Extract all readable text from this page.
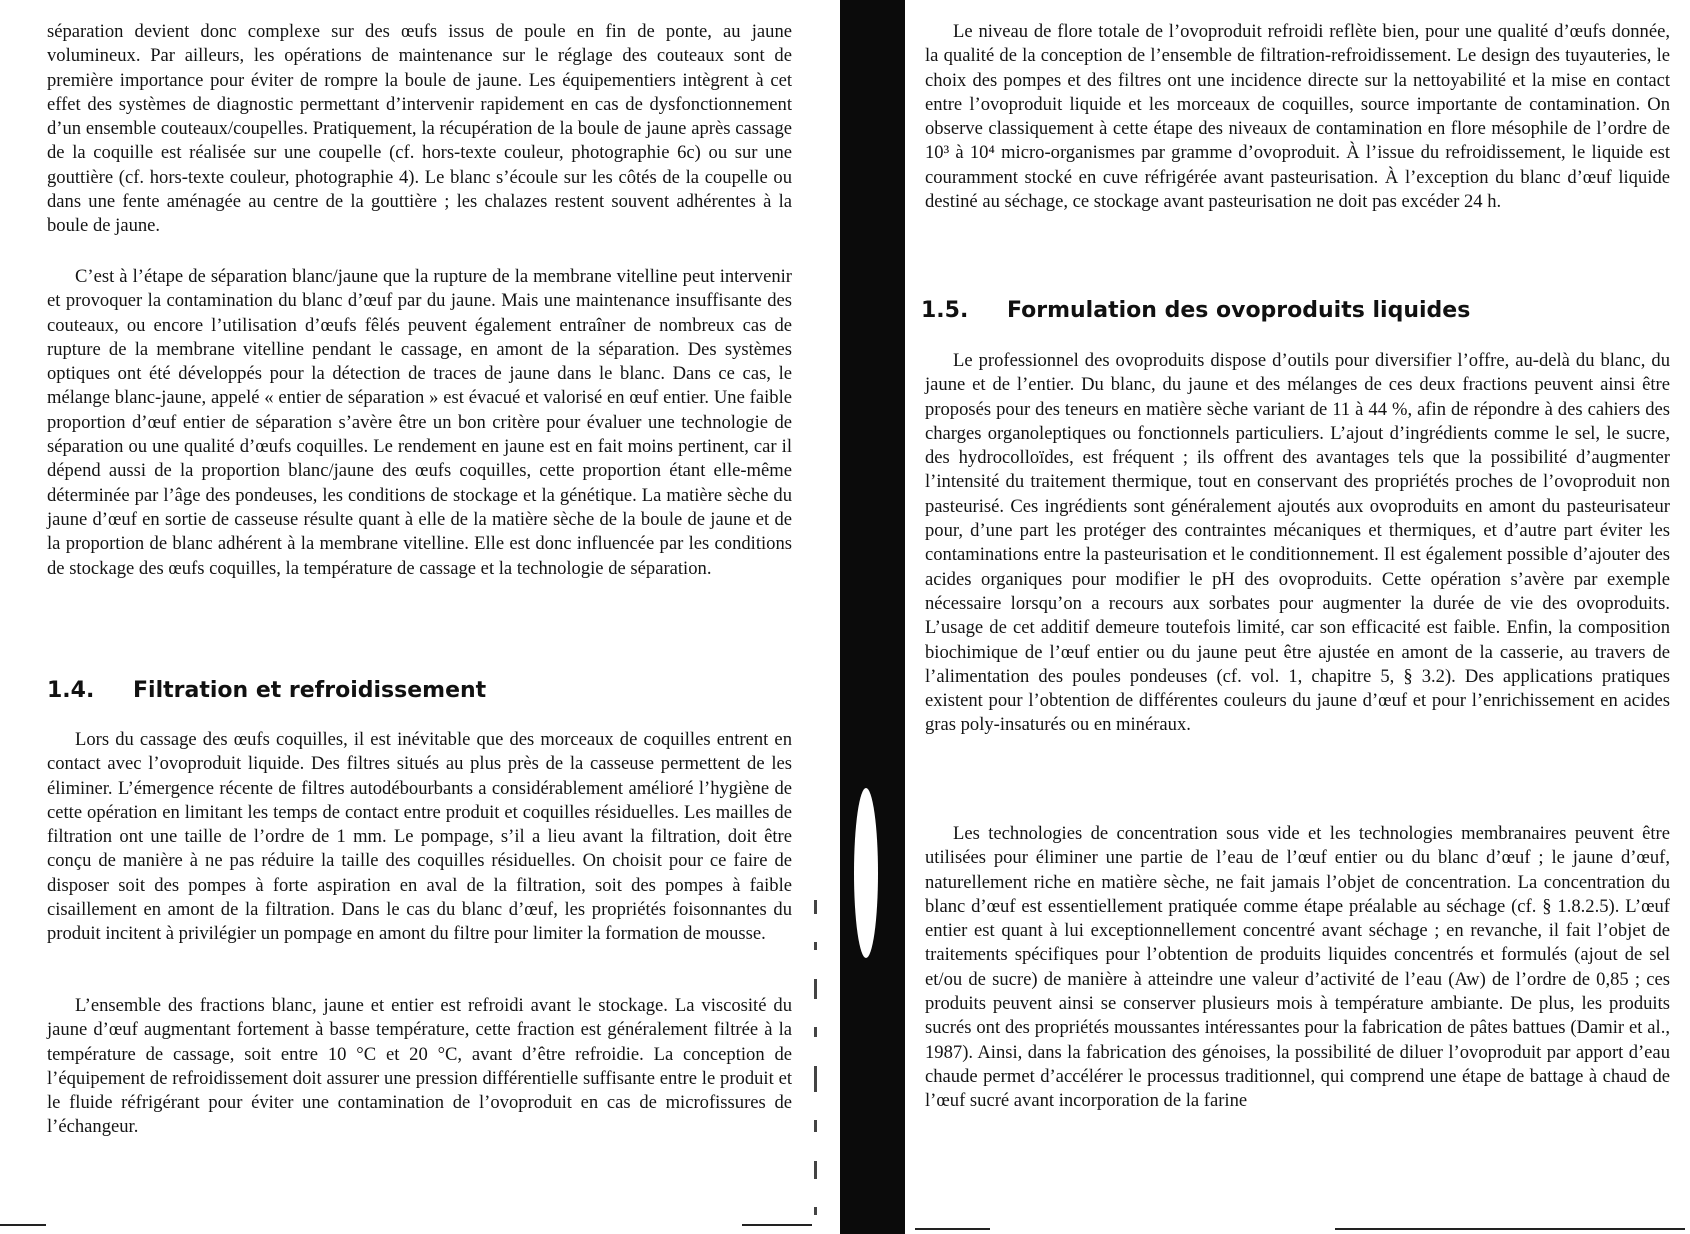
séparation devient donc complexe sur des œufs issus de poule en fin de ponte, au jaune volumineux. Par ailleurs, les opérations de maintenance sur le réglage des couteaux sont de première importance pour éviter de rompre la boule de jaune. Les équipementiers intègrent à cet effet des systèmes de diagnostic permettant d’intervenir rapidement en cas de dysfonctionnement d’un ensemble couteaux/coupelles. Pratiquement, la récupération de la boule de jaune après cassage de la coquille est réalisée sur une coupelle (cf. hors-texte couleur, photographie 6c) ou sur une gouttière (cf. hors-texte couleur, photographie 4). Le blanc s’écoule sur les côtés de la coupelle ou dans une fente aménagée au centre de la gouttière ; les chalazes restent souvent adhérentes à la boule de jaune.

C’est à l’étape de séparation blanc/jaune que la rupture de la membrane vitelline peut intervenir et provoquer la contamination du blanc d’œuf par du jaune. Mais une maintenance insuffisante des couteaux, ou encore l’utilisation d’œufs fêlés peuvent également entraîner de nombreux cas de rupture de la membrane vitelline pendant le cassage, en amont de la séparation. Des systèmes optiques ont été développés pour la détection de traces de jaune dans le blanc. Dans ce cas, le mélange blanc-jaune, appelé « entier de séparation » est évacué et valorisé en œuf entier. Une faible proportion d’œuf entier de séparation s’avère être un bon critère pour évaluer une technologie de séparation ou une qualité d’œufs coquilles. Le rendement en jaune est en fait moins pertinent, car il dépend aussi de la proportion blanc/jaune des œufs coquilles, cette proportion étant elle-même déterminée par l’âge des pondeuses, les conditions de stockage et la génétique. La matière sèche du jaune d’œuf en sortie de casseuse résulte quant à elle de la matière sèche de la boule de jaune et de la proportion de blanc adhérent à la membrane vitelline. Elle est donc influencée par les conditions de stockage des œufs coquilles, la température de cassage et la technologie de séparation.

1.4. Filtration et refroidissement

Lors du cassage des œufs coquilles, il est inévitable que des morceaux de coquilles entrent en contact avec l’ovoproduit liquide. Des filtres situés au plus près de la casseuse permettent de les éliminer. L’émergence récente de filtres autodébourbants a considérablement amélioré l’hygiène de cette opération en limitant les temps de contact entre produit et coquilles résiduelles. Les mailles de filtration ont une taille de l’ordre de 1 mm. Le pompage, s’il a lieu avant la filtration, doit être conçu de manière à ne pas réduire la taille des coquilles résiduelles. On choisit pour ce faire de disposer soit des pompes à forte aspiration en aval de la filtration, soit des pompes à faible cisaillement en amont de la filtration. Dans le cas du blanc d’œuf, les propriétés foisonnantes du produit incitent à privilégier un pompage en amont du filtre pour limiter la formation de mousse.

L’ensemble des fractions blanc, jaune et entier est refroidi avant le stockage. La viscosité du jaune d’œuf augmentant fortement à basse température, cette fraction est généralement filtrée à la température de cassage, soit entre 10 °C et 20 °C, avant d’être refroidie. La conception de l’équipement de refroidissement doit assurer une pression différentielle suffisante entre le produit et le fluide réfrigérant pour éviter une contamination de l’ovoproduit en cas de microfissures de l’échangeur.

Le niveau de flore totale de l’ovoproduit refroidi reflète bien, pour une qualité d’œufs donnée, la qualité de la conception de l’ensemble de filtration-refroidissement. Le design des tuyauteries, le choix des pompes et des filtres ont une incidence directe sur la nettoyabilité et la mise en contact entre l’ovoproduit liquide et les morceaux de coquilles, source importante de contamination. On observe classiquement à cette étape des niveaux de contamination en flore mésophile de l’ordre de 10³ à 10⁴ micro-organismes par gramme d’ovoproduit. À l’issue du refroidissement, le liquide est couramment stocké en cuve réfrigérée avant pasteurisation. À l’exception du blanc d’œuf liquide destiné au séchage, ce stockage avant pasteurisation ne doit pas excéder 24 h.

1.5. Formulation des ovoproduits liquides

Le professionnel des ovoproduits dispose d’outils pour diversifier l’offre, au-delà du blanc, du jaune et de l’entier. Du blanc, du jaune et des mélanges de ces deux fractions peuvent ainsi être proposés pour des teneurs en matière sèche variant de 11 à 44 %, afin de répondre à des cahiers des charges organoleptiques ou fonctionnels particuliers. L’ajout d’ingrédients comme le sel, le sucre, des hydrocolloïdes, est fréquent ; ils offrent des avantages tels que la possibilité d’augmenter l’intensité du traitement thermique, tout en conservant des propriétés proches de l’ovoproduit non pasteurisé. Ces ingrédients sont généralement ajoutés aux ovoproduits en amont du pasteurisateur pour, d’une part les protéger des contraintes mécaniques et thermiques, et d’autre part éviter les contaminations entre la pasteurisation et le conditionnement. Il est également possible d’ajouter des acides organiques pour modifier le pH des ovoproduits. Cette opération s’avère par exemple nécessaire lorsqu’on a recours aux sorbates pour augmenter la durée de vie des ovoproduits. L’usage de cet additif demeure toutefois limité, car son efficacité est faible. Enfin, la composition biochimique de l’œuf entier ou du jaune peut être ajustée en amont de la casserie, au travers de l’alimentation des poules pondeuses (cf. vol. 1, chapitre 5, § 3.2). Des applications pratiques existent pour l’obtention de différentes couleurs du jaune d’œuf et pour l’enrichissement en acides gras poly-insaturés ou en minéraux.

Les technologies de concentration sous vide et les technologies membranaires peuvent être utilisées pour éliminer une partie de l’eau de l’œuf entier ou du blanc d’œuf ; le jaune d’œuf, naturellement riche en matière sèche, ne fait jamais l’objet de concentration. La concentration du blanc d’œuf est essentiellement pratiquée comme étape préalable au séchage (cf. § 1.8.2.5). L’œuf entier est quant à lui exceptionnellement concentré avant séchage ; en revanche, il fait l’objet de traitements spécifiques pour l’obtention de produits liquides concentrés et formulés (ajout de sel et/ou de sucre) de manière à atteindre une valeur d’activité de l’eau (Aw) de l’ordre de 0,85 ; ces produits peuvent ainsi se conserver plusieurs mois à température ambiante. De plus, les produits sucrés ont des propriétés moussantes intéressantes pour la fabrication de pâtes battues (Damir et al., 1987). Ainsi, dans la fabrication des génoises, la possibilité de diluer l’ovoproduit par apport d’eau chaude permet d’accélérer le processus traditionnel, qui comprend une étape de battage à chaud de l’œuf sucré avant incorporation de la farine
